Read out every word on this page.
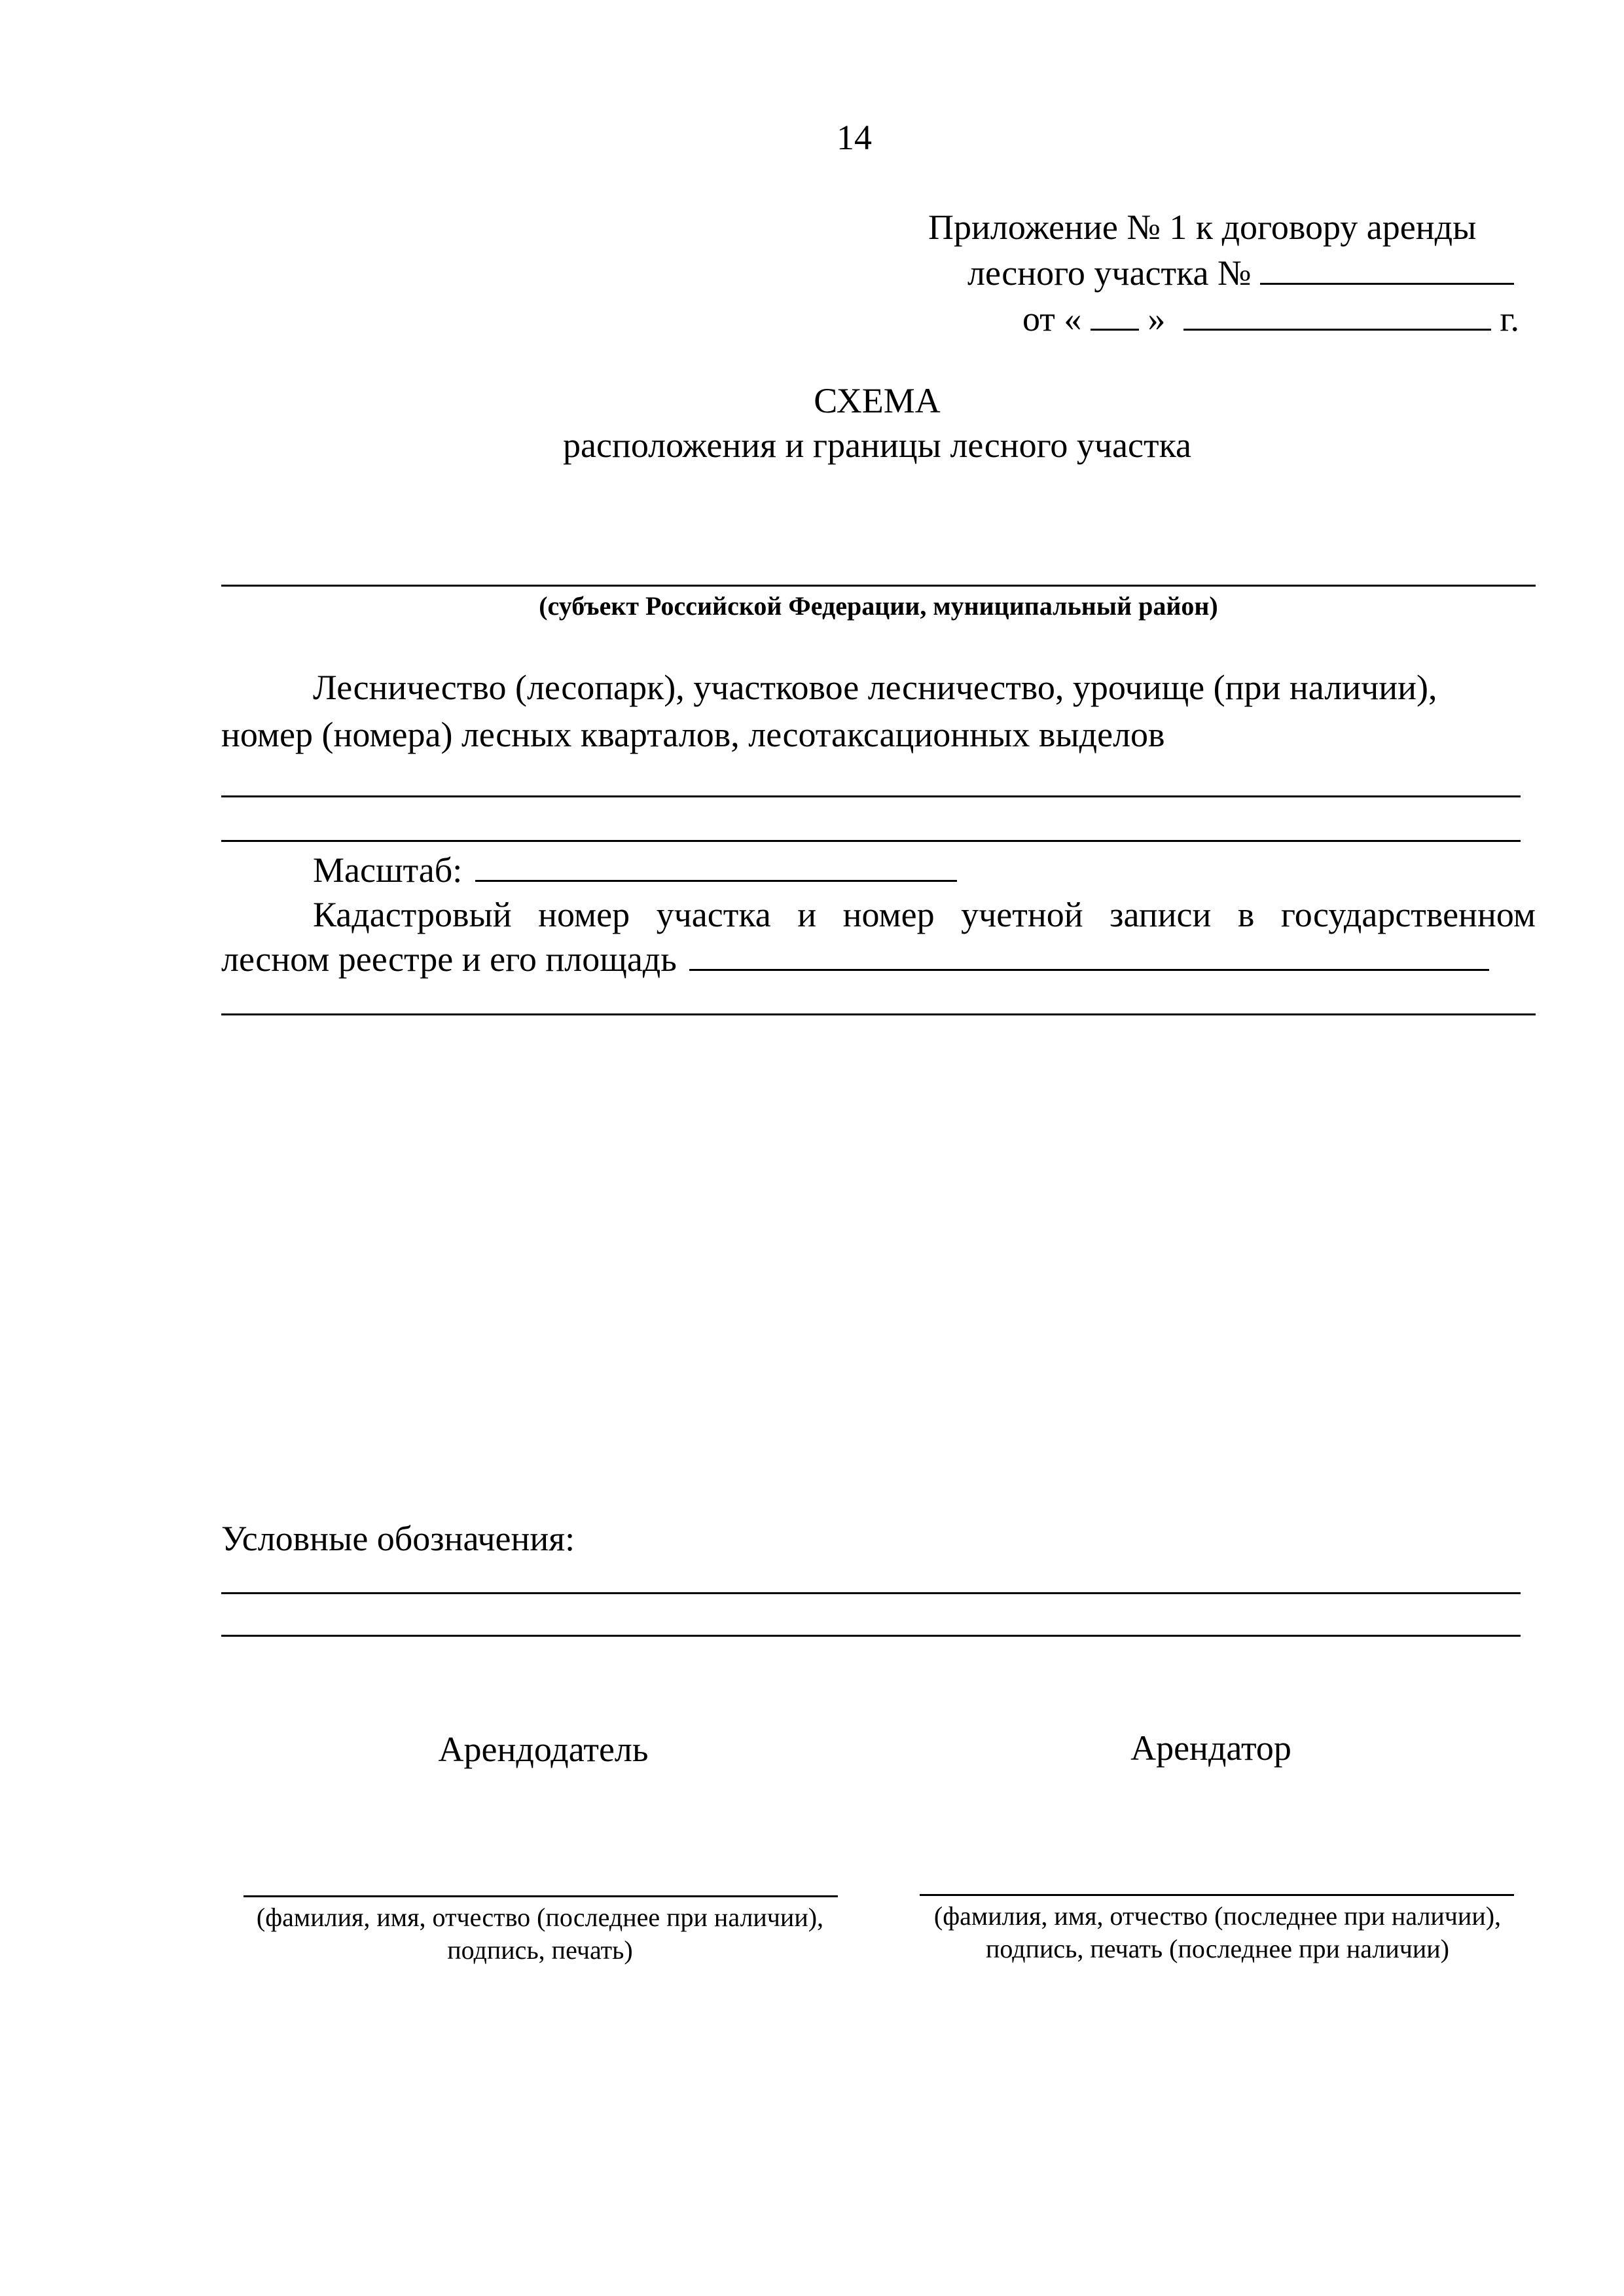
14
Приложение № 1 к договору аренды
лесного участка №
от « »	г.
СХЕМА
расположения и границы лесного участка
(субъект Российской Федерации, муниципальный район)
Лесничество (лесопарк), участковое лесничество, урочище (при наличии),
номер (номера) лесных кварталов, лесотаксационных выделов
Масштаб:
Кадастровый номер участка и номер учетной записи в государственном
лесном реестре и его площадь
Условные обозначения:
Арендодатель	Арендатор
(фамилия, имя, отчество (последнее при наличии),
подпись, печать)
(фамилия, имя, отчество (последнее при наличии),
подпись, печать (последнее при наличии)
